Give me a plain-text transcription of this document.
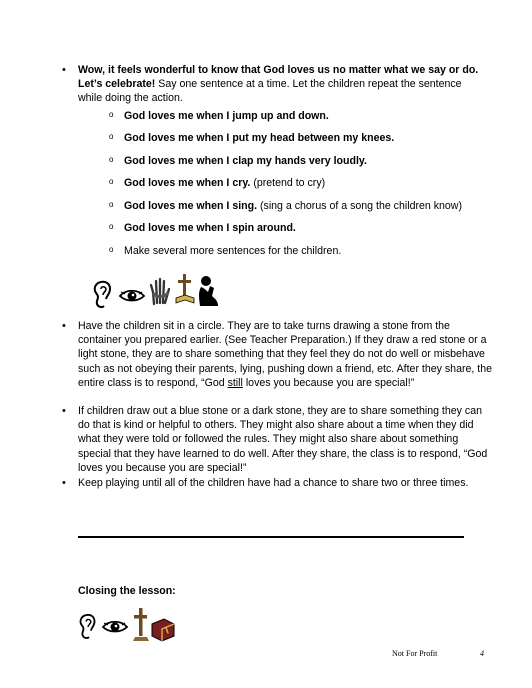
• Wow, it feels wonderful to know that God loves us no matter what we say or do. Let’s celebrate! Say one sentence at a time. Let the children repeat the sentence while doing the action.
o God loves me when I jump up and down.
o God loves me when I put my head between my knees.
o God loves me when I clap my hands very loudly.
o God loves me when I cry. (pretend to cry)
o God loves me when I sing. (sing a chorus of a song the children know)
o God loves me when I spin around.
o Make several more sentences for the children.
• Have the children sit in a circle. They are to take turns drawing a stone from the container you prepared earlier. (See Teacher Preparation.) If they draw a red stone or a light stone, they are to share something that they feel they do not do well or misbehave such as not obeying their parents, lying, pushing down a friend, etc. After they share, the entire class is to respond, “God still loves you because you are special!”
• If children draw out a blue stone or a dark stone, they are to share something they can do that is kind or helpful to others. They might also share about a time when they did what they were told or followed the rules. They might also share about something special that they have learned to do well. After they share, the class is to respond, “God loves you because you are special!”
• Keep playing until all of the children have had a chance to share two or three times.
Closing the lesson:
Not For Profit	4
